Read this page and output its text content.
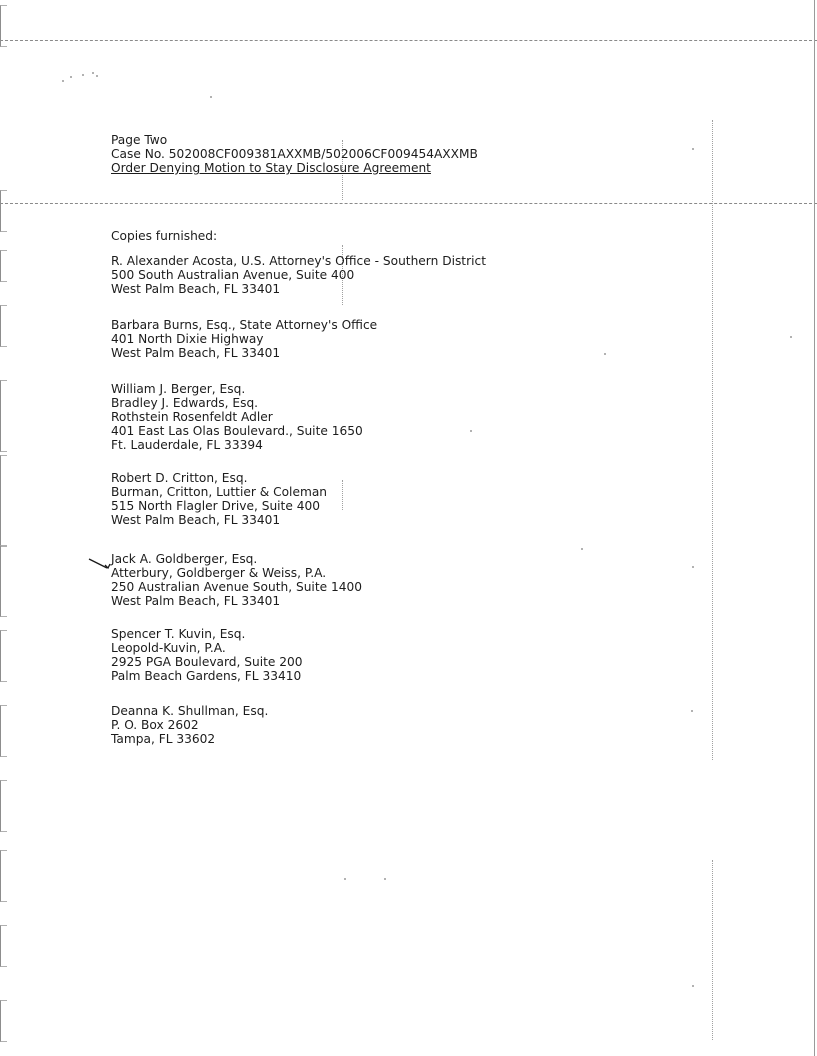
Page Two
Case No. 502008CF009381AXXMB/502006CF009454AXXMB
Order Denying Motion to Stay Disclosure Agreement
Copies furnished:
R. Alexander Acosta, U.S. Attorney's Office - Southern District
500 South Australian Avenue, Suite 400
West Palm Beach, FL 33401
Barbara Burns, Esq., State Attorney's Office
401 North Dixie Highway
West Palm Beach, FL 33401
William J. Berger, Esq.
Bradley J. Edwards, Esq.
Rothstein Rosenfeldt Adler
401 East Las Olas Boulevard., Suite 1650
Ft. Lauderdale, FL 33394
Robert D. Critton, Esq.
Burman, Critton, Luttier & Coleman
515 North Flagler Drive, Suite 400
West Palm Beach, FL 33401
Jack A. Goldberger, Esq.
Atterbury, Goldberger & Weiss, P.A.
250 Australian Avenue South, Suite 1400
West Palm Beach, FL 33401
Spencer T. Kuvin, Esq.
Leopold-Kuvin, P.A.
2925 PGA Boulevard, Suite 200
Palm Beach Gardens, FL 33410
Deanna K. Shullman, Esq.
P. O. Box 2602
Tampa, FL 33602
